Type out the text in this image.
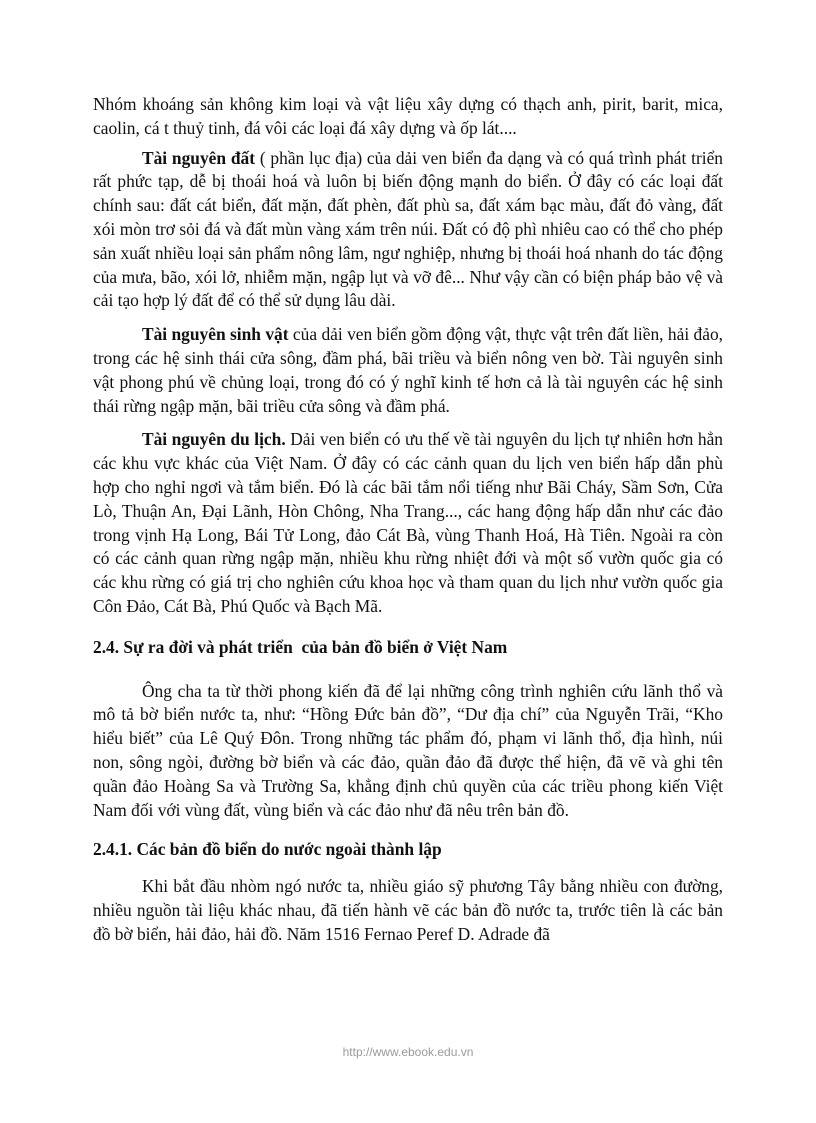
Nhóm khoáng sản không kim loại và vật liệu xây dựng có thạch anh, pirit, barit, mica, caolin, cá t thuỷ tinh, đá vôi các loại đá xây dựng và ốp lát....

Tài nguyên đất ( phần lục địa) của dải ven biển đa dạng và có quá trình phát triển rất phức tạp, dễ bị thoái hoá và luôn bị biến động mạnh do biển. Ở đây có các loại đất chính sau: đất cát biển, đất mặn, đất phèn, đất phù sa, đất xám bạc màu, đất đỏ vàng, đất xói mòn trơ sỏi đá và đất mùn vàng xám trên núi. Đất có độ phì nhiêu cao có thể cho phép sản xuất nhiều loại sản phẩm nông lâm, ngư nghiệp, nhưng bị thoái hoá nhanh do tác động của mưa, bão, xói lở, nhiễm mặn, ngập lụt và vỡ đê... Như vậy cần có biện pháp bảo vệ và cải tạo hợp lý đất để có thể sử dụng lâu dài.

Tài nguyên sinh vật của dải ven biển gồm động vật, thực vật trên đất liền, hải đảo, trong các hệ sinh thái cửa sông, đầm phá, bãi triều và biển nông ven bờ. Tài nguyên sinh vật phong phú về chủng loại, trong đó có ý nghĩ kinh tế hơn cả là tài nguyên các hệ sinh thái rừng ngập mặn, bãi triều cửa sông và đầm phá.

Tài nguyên du lịch. Dải ven biển có ưu thế về tài nguyên du lịch tự nhiên hơn hẳn các khu vực khác của Việt Nam. Ở đây có các cảnh quan du lịch ven biển hấp dẫn phù hợp cho nghỉ ngơi và tắm biển. Đó là các bãi tắm nổi tiếng như Bãi Cháy, Sầm Sơn, Cửa Lò, Thuận An, Đại Lãnh, Hòn Chông, Nha Trang..., các hang động hấp dẫn như các đảo trong vịnh Hạ Long, Bái Tử Long, đảo Cát Bà, vùng Thanh Hoá, Hà Tiên. Ngoài ra còn có các cảnh quan rừng ngập mặn, nhiều khu rừng nhiệt đới và một số vườn quốc gia có các khu rừng có giá trị cho nghiên cứu khoa học và tham quan du lịch như vườn quốc gia Côn Đảo, Cát Bà, Phú Quốc và Bạch Mã.

2.4. Sự ra đời và phát triển  của bản đồ biển ở Việt Nam

Ông cha ta từ thời phong kiến đã để lại những công trình nghiên cứu lãnh thổ và mô tả bờ biển nước ta, như: “Hồng Đức bản đồ”, “Dư địa chí” của Nguyễn Trãi, “Kho hiểu biết” của Lê Quý Đôn. Trong những tác phẩm đó, phạm vi lãnh thổ, địa hình, núi non, sông ngòi, đường bờ biển và các đảo, quần đảo đã được thể hiện, đã vẽ và ghi tên quần đảo Hoàng Sa và Trường Sa, khẳng định chủ quyền của các triều phong kiến Việt Nam đối với vùng đất, vùng biển và các đảo như đã nêu trên bản đồ.

2.4.1. Các bản đồ biển do nước ngoài thành lập

Khi bắt đầu nhòm ngó nước ta, nhiều giáo sỹ phương Tây bằng nhiều con đường, nhiều nguồn tài liệu khác nhau, đã tiến hành vẽ các bản đồ nước ta, trước tiên là các bản đồ bờ biển, hải đảo, hải đồ. Năm 1516 Fernao Peref D. Adrade đã

http://www.ebook.edu.vn
